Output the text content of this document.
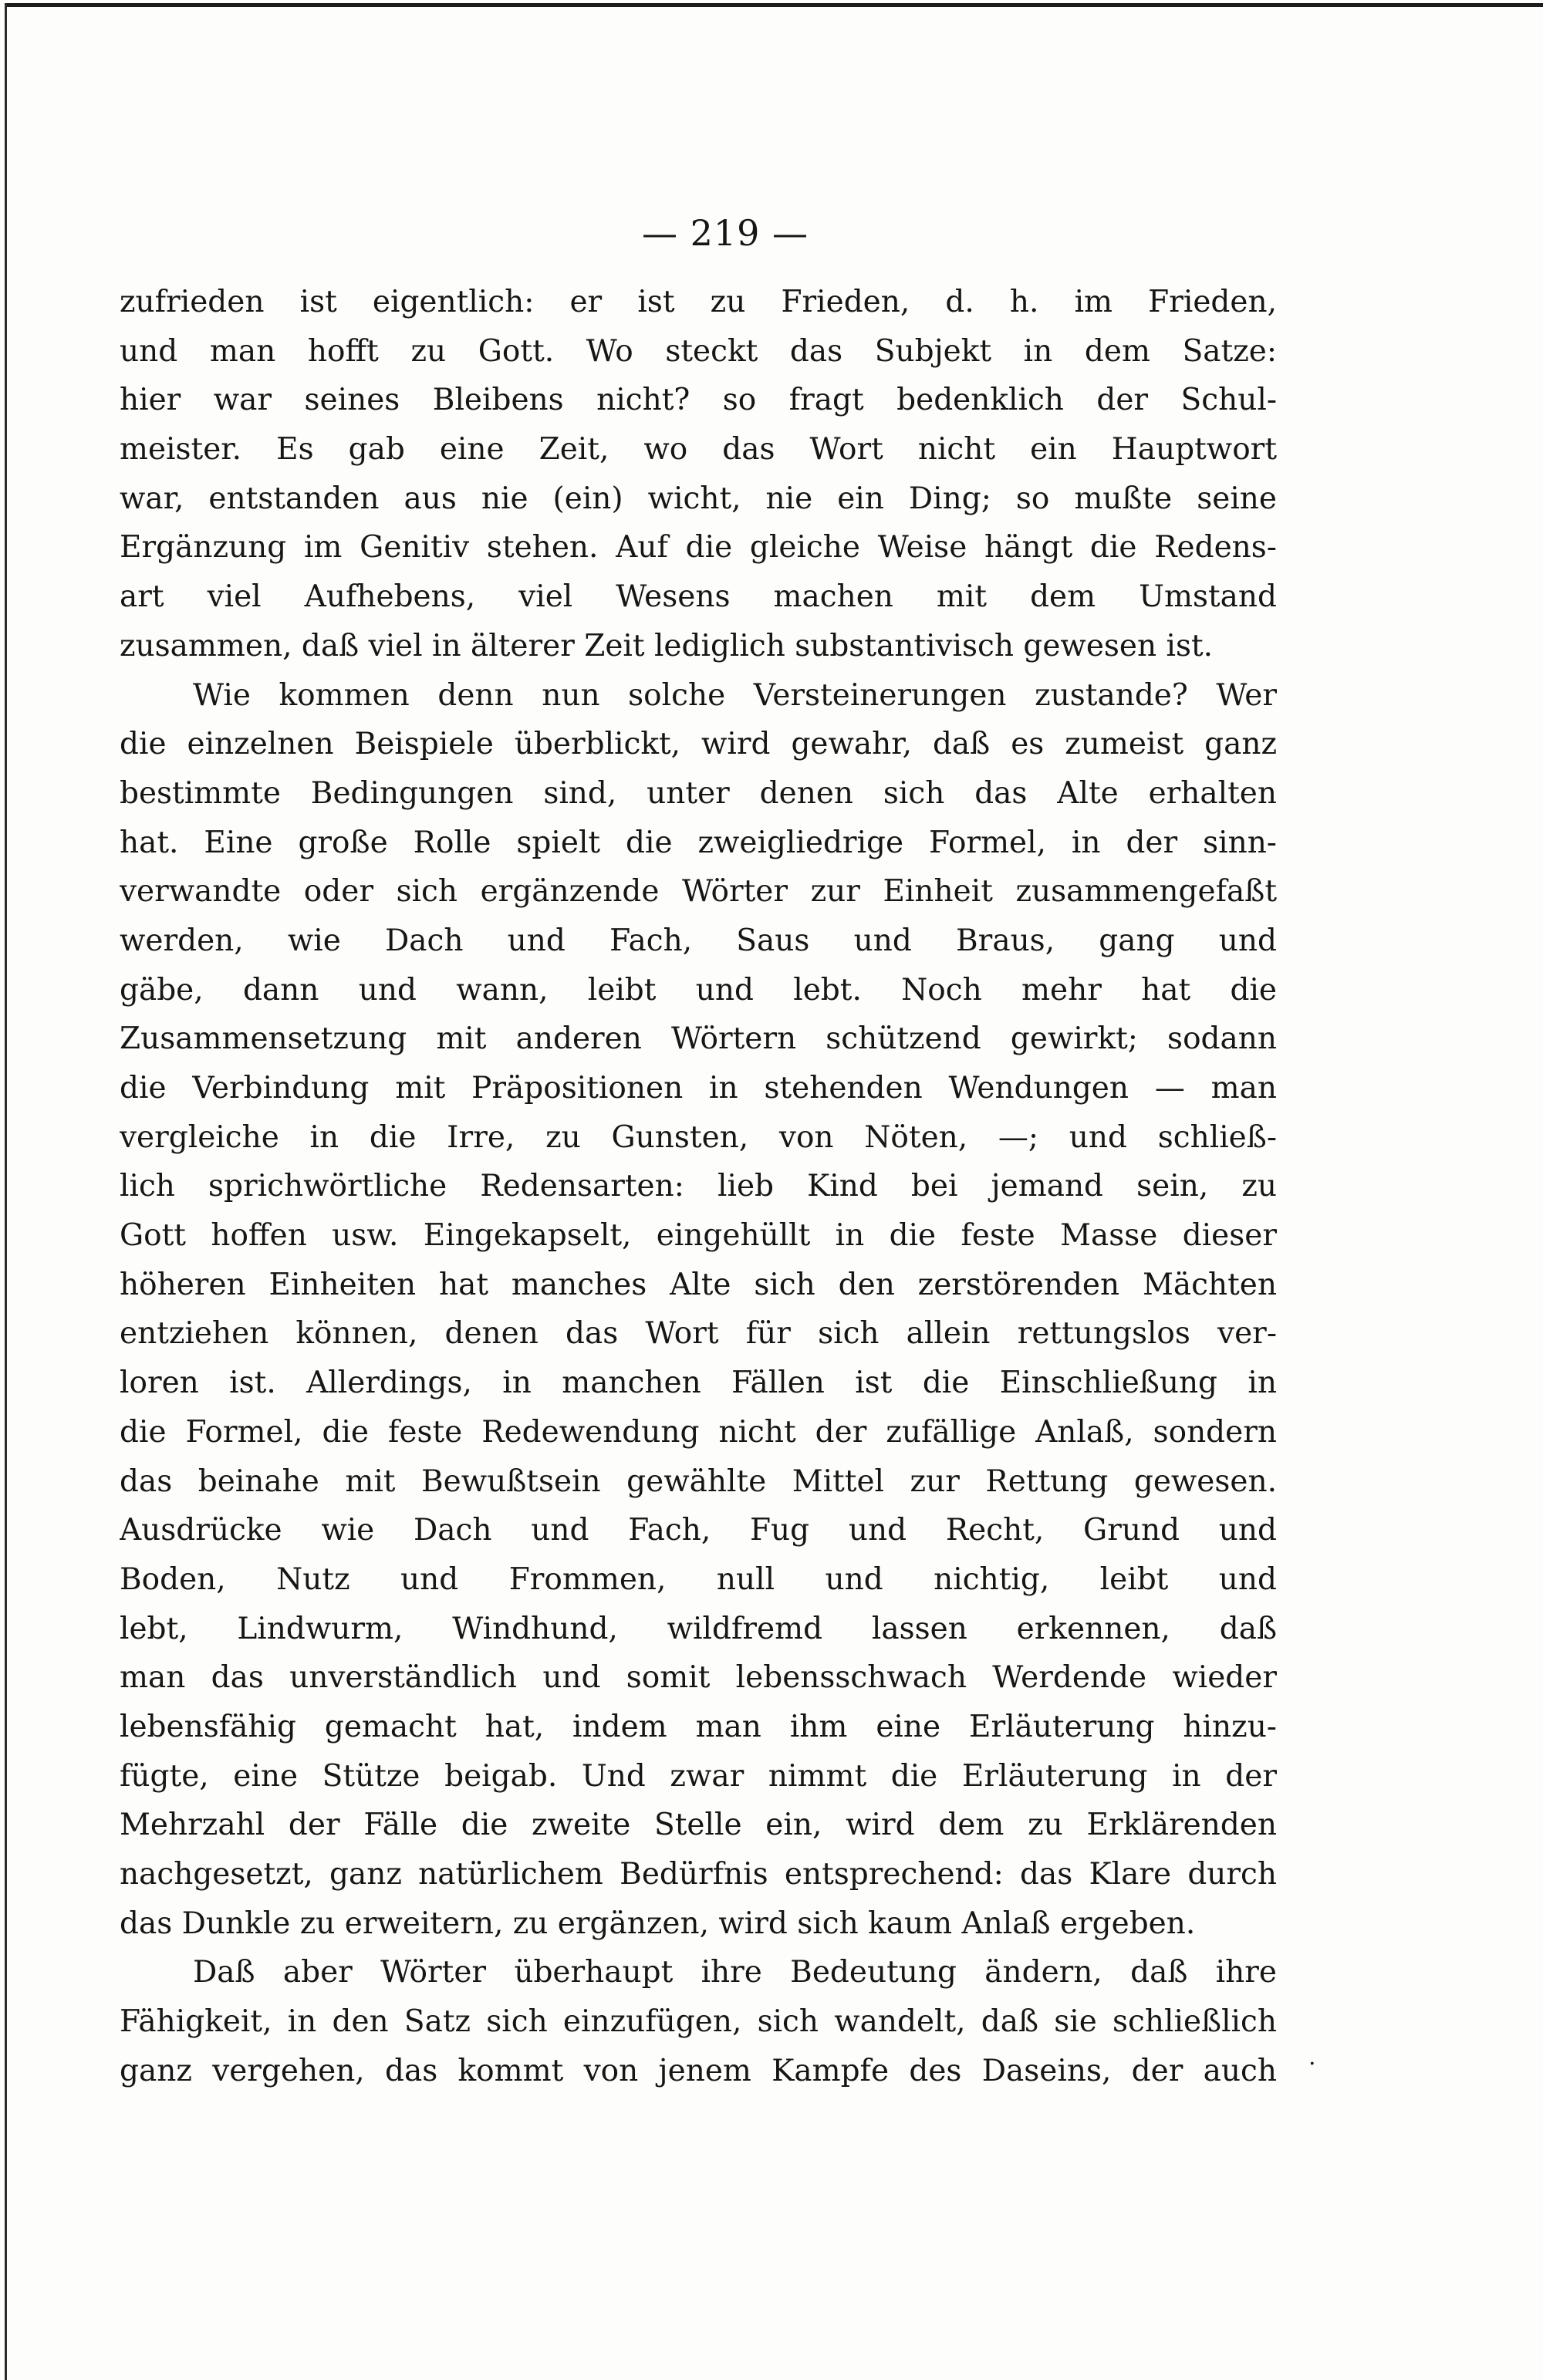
— 219 —
zufrieden ist eigentlich: er ist zu Frieden, d. h. im Frieden,
und man hofft zu Gott. Wo steckt das Subjekt in dem Satze:
hier war seines Bleibens nicht? so fragt bedenklich der Schul-
meister. Es gab eine Zeit, wo das Wort nicht ein Hauptwort
war, entstanden aus nie (ein) wicht, nie ein Ding; so mußte seine
Ergänzung im Genitiv stehen. Auf die gleiche Weise hängt die Redens-
art viel Aufhebens, viel Wesens machen mit dem Umstand
zusammen, daß viel in älterer Zeit lediglich substantivisch gewesen ist.
Wie kommen denn nun solche Versteinerungen zustande? Wer
die einzelnen Beispiele überblickt, wird gewahr, daß es zumeist ganz
bestimmte Bedingungen sind, unter denen sich das Alte erhalten
hat. Eine große Rolle spielt die zweigliedrige Formel, in der sinn-
verwandte oder sich ergänzende Wörter zur Einheit zusammengefaßt
werden, wie Dach und Fach, Saus und Braus, gang und
gäbe, dann und wann, leibt und lebt. Noch mehr hat die
Zusammensetzung mit anderen Wörtern schützend gewirkt; sodann
die Verbindung mit Präpositionen in stehenden Wendungen — man
vergleiche in die Irre, zu Gunsten, von Nöten, —; und schließ-
lich sprichwörtliche Redensarten: lieb Kind bei jemand sein, zu
Gott hoffen usw. Eingekapselt, eingehüllt in die feste Masse dieser
höheren Einheiten hat manches Alte sich den zerstörenden Mächten
entziehen können, denen das Wort für sich allein rettungslos ver-
loren ist. Allerdings, in manchen Fällen ist die Einschließung in
die Formel, die feste Redewendung nicht der zufällige Anlaß, sondern
das beinahe mit Bewußtsein gewählte Mittel zur Rettung gewesen.
Ausdrücke wie Dach und Fach, Fug und Recht, Grund und
Boden, Nutz und Frommen, null und nichtig, leibt und
lebt, Lindwurm, Windhund, wildfremd lassen erkennen, daß
man das unverständlich und somit lebensschwach Werdende wieder
lebensfähig gemacht hat, indem man ihm eine Erläuterung hinzu-
fügte, eine Stütze beigab. Und zwar nimmt die Erläuterung in der
Mehrzahl der Fälle die zweite Stelle ein, wird dem zu Erklärenden
nachgesetzt, ganz natürlichem Bedürfnis entsprechend: das Klare durch
das Dunkle zu erweitern, zu ergänzen, wird sich kaum Anlaß ergeben.
Daß aber Wörter überhaupt ihre Bedeutung ändern, daß ihre
Fähigkeit, in den Satz sich einzufügen, sich wandelt, daß sie schließlich
ganz vergehen, das kommt von jenem Kampfe des Daseins, der auch .
